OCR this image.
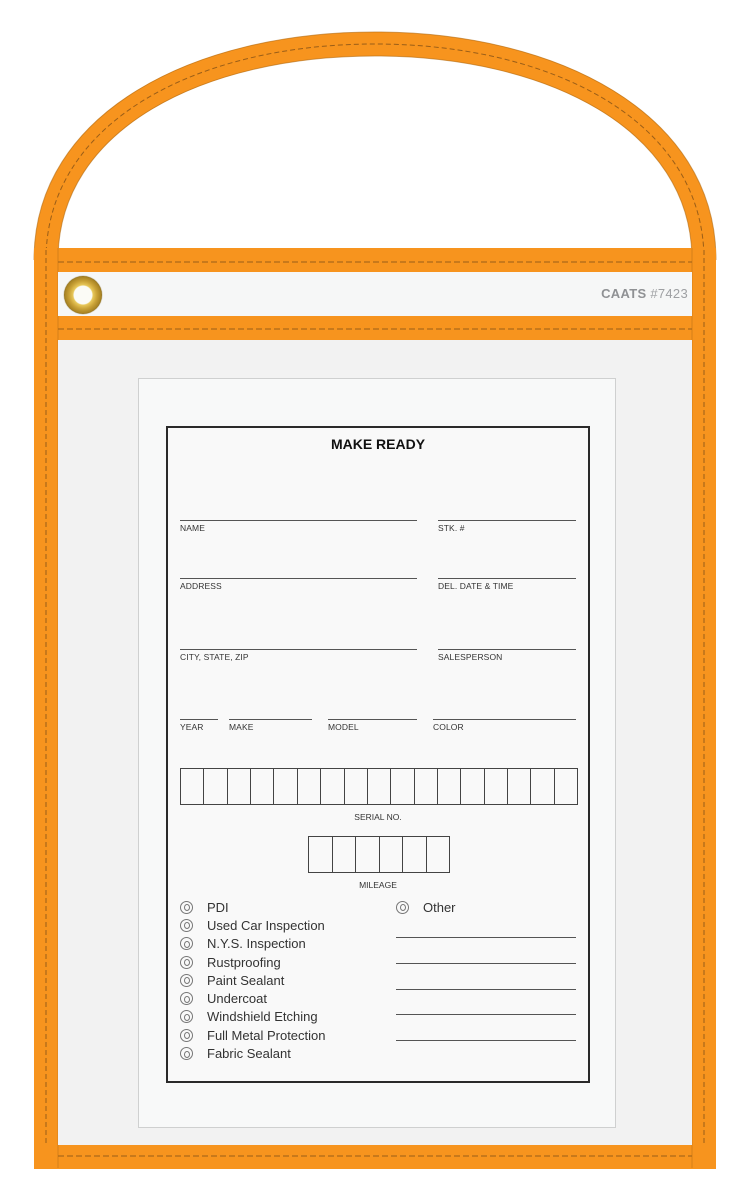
CAATS #7423
MAKE READY
NAME	STK. #
ADDRESS	DEL. DATE & TIME
CITY, STATE, ZIP	SALESPERSON
YEAR	MAKE	MODEL	COLOR
SERIAL NO.
MILEAGE
PDI
Used Car Inspection
N.Y.S. Inspection
Rustproofing
Paint Sealant
Undercoat
Windshield Etching
Full Metal Protection
Fabric Sealant
Other
